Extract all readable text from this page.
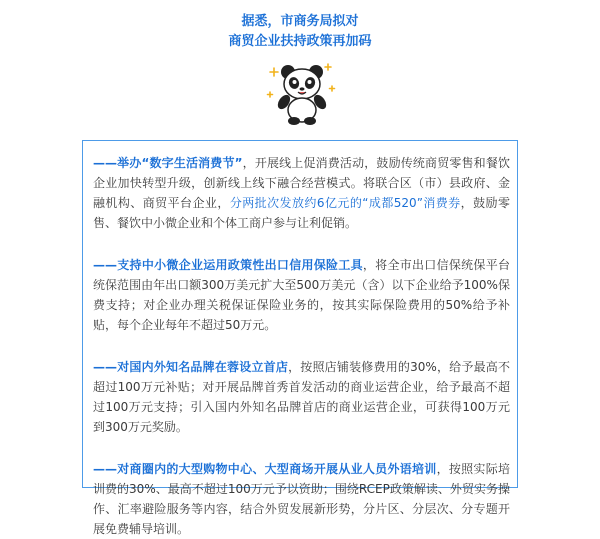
据悉，市商务局拟对
商贸企业扶持政策再加码

——举办“数字生活消费节”，开展线上促消费活动，鼓励传统商贸零售和餐饮企业加快转型升级，创新线上线下融合经营模式。将联合区（市）县政府、金融机构、商贸平台企业，分两批次发放约6亿元的“成都520”消费券，鼓励零售、餐饮中小微企业和个体工商户参与让利促销。

——支持中小微企业运用政策性出口信用保险工具，将全市出口信保统保平台统保范围由年出口额300万美元扩大至500万美元（含）以下企业给予100%保费支持；对企业办理关税保证保险业务的，按其实际保险费用的50%给予补贴，每个企业每年不超过50万元。

——对国内外知名品牌在蓉设立首店，按照店铺装修费用的30%，给予最高不超过100万元补贴；对开展品牌首秀首发活动的商业运营企业，给予最高不超过100万元支持；引入国内外知名品牌首店的商业运营企业，可获得100万元到300万元奖励。

——对商圈内的大型购物中心、大型商场开展从业人员外语培训，按照实际培训费的30%、最高不超过100万元予以资助；围绕RCEP政策解读、外贸实务操作、汇率避险服务等内容，结合外贸发展新形势，分片区、分层次、分专题开展免费辅导培训。
